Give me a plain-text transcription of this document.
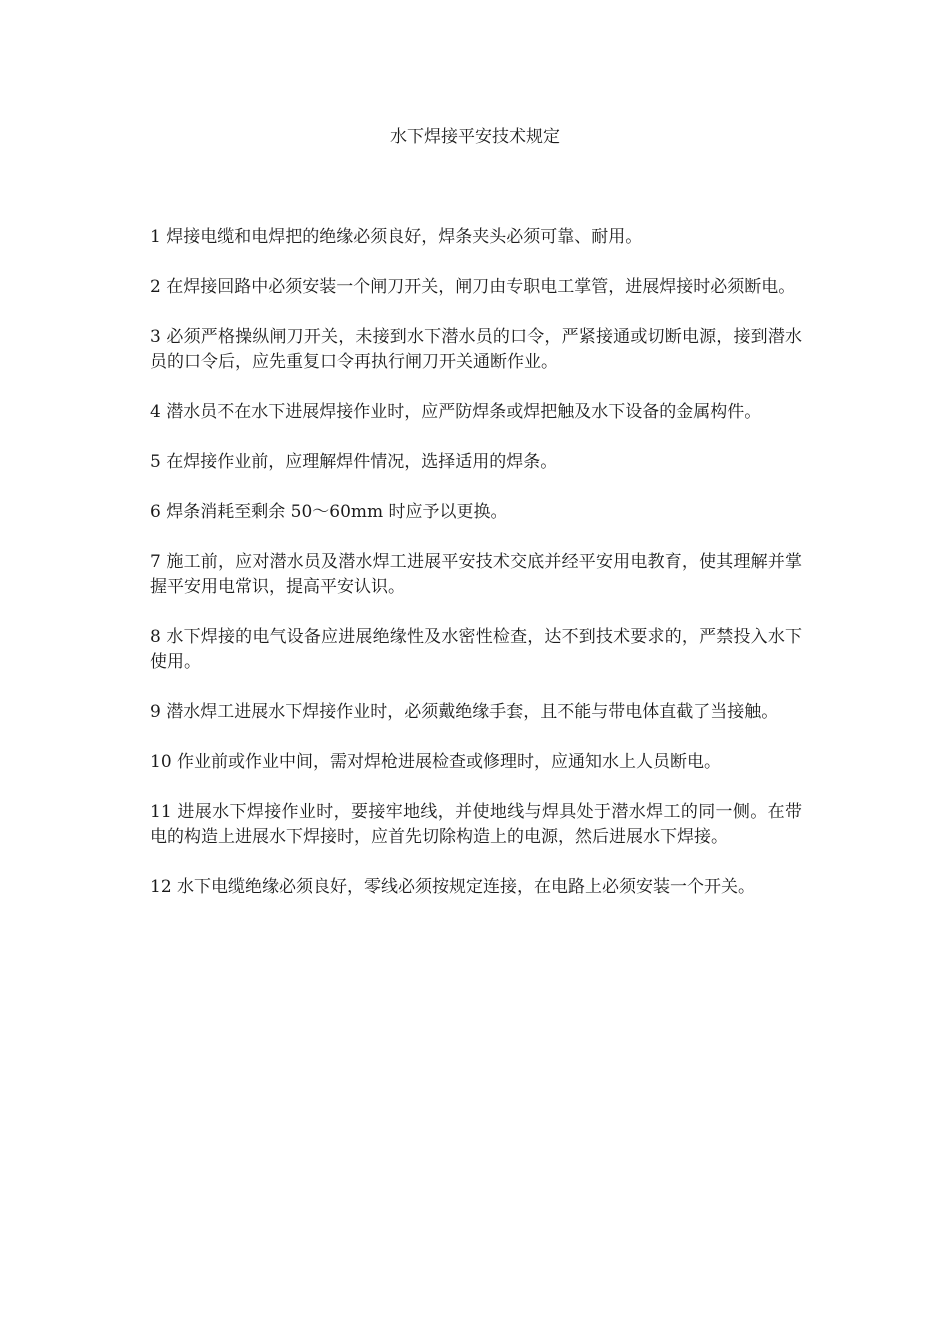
水下焊接平安技术规定
1 焊接电缆和电焊把的绝缘必须良好，焊条夹头必须可靠、耐用。
2 在焊接回路中必须安装一个闸刀开关，闸刀由专职电工掌管，进展焊接时必须断电。
3 必须严格操纵闸刀开关，未接到水下潜水员的口令，严紧接通或切断电源，接到潜水员的口令后，应先重复口令再执行闸刀开关通断作业。
4 潜水员不在水下进展焊接作业时，应严防焊条或焊把触及水下设备的金属构件。
5 在焊接作业前，应理解焊件情况，选择适用的焊条。
6 焊条消耗至剩余 50～60mm 时应予以更换。
7 施工前，应对潜水员及潜水焊工进展平安技术交底并经平安用电教育，使其理解并掌握平安用电常识，提高平安认识。
8 水下焊接的电气设备应进展绝缘性及水密性检查，达不到技术要求的，严禁投入水下使用。
9 潜水焊工进展水下焊接作业时，必须戴绝缘手套，且不能与带电体直截了当接触。
10 作业前或作业中间，需对焊枪进展检查或修理时，应通知水上人员断电。
11 进展水下焊接作业时，要接牢地线，并使地线与焊具处于潜水焊工的同一侧。在带电的构造上进展水下焊接时，应首先切除构造上的电源，然后进展水下焊接。
12 水下电缆绝缘必须良好，零线必须按规定连接，在电路上必须安装一个开关。
